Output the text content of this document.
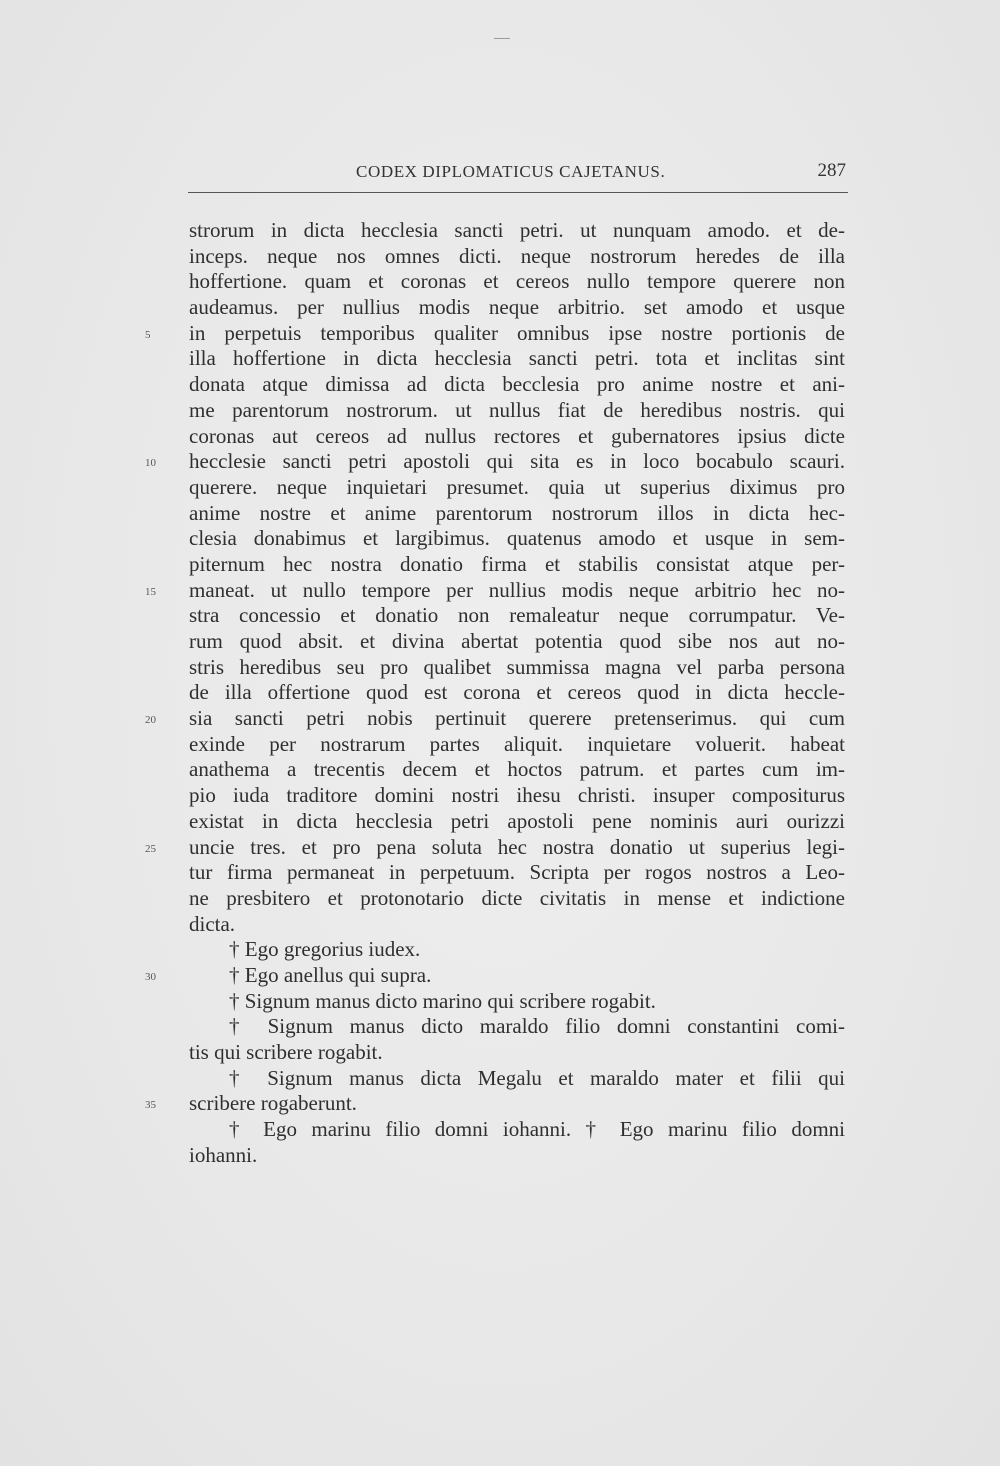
CODEX DIPLOMATICUS CAJETANUS.	287
strorum in dicta hecclesia sancti petri. ut nunquam amodo. et de-
inceps. neque nos omnes dicti. neque nostrorum heredes de illa
hoffertione. quam et coronas et cereos nullo tempore querere non
audeamus. per nullius modis neque arbitrio. set amodo et usque
5	in perpetuis temporibus qualiter omnibus ipse nostre portionis de
illa hoffertione in dicta hecclesia sancti petri. tota et inclitas sint
donata atque dimissa ad dicta becclesia pro anime nostre et ani-
me parentorum nostrorum. ut nullus fiat de heredibus nostris. qui
coronas aut cereos ad nullus rectores et gubernatores ipsius dicte
10	hecclesie sancti petri apostoli qui sita es in loco bocabulo scauri.
querere. neque inquietari presumet. quia ut superius diximus pro
anime nostre et anime parentorum nostrorum illos in dicta hec-
clesia donabimus et largibimus. quatenus amodo et usque in sem-
piternum hec nostra donatio firma et stabilis consistat atque per-
15	maneat. ut nullo tempore per nullius modis neque arbitrio hec no-
stra concessio et donatio non remaleatur neque corrumpatur. Ve-
rum quod absit. et divina abertat potentia quod sibe nos aut no-
stris heredibus seu pro qualibet summissa magna vel parba persona
de illa offertione quod est corona et cereos quod in dicta heccle-
20	sia sancti petri nobis pertinuit querere pretenserimus. qui cum
exinde per nostrarum partes aliquit. inquietare voluerit. habeat
anathema a trecentis decem et hoctos patrum. et partes cum im-
pio iuda traditore domini nostri ihesu christi. insuper compositurus
existat in dicta hecclesia petri apostoli pene nominis auri ourizzi
25	uncie tres. et pro pena soluta hec nostra donatio ut superius legi-
tur firma permaneat in perpetuum. Scripta per rogos nostros a Leo-
ne presbitero et protonotario dicte civitatis in mense et indictione
dicta.
† Ego gregorius iudex.
30	† Ego anellus qui supra.
† Signum manus dicto marino qui scribere rogabit.
† Signum manus dicto maraldo filio domni constantini comi-
tis qui scribere rogabit.
† Signum manus dicta Megalu et maraldo mater et filii qui
35	scribere rogaberunt.
† Ego marinu filio domni iohanni. † Ego marinu filio domni
iohanni.
